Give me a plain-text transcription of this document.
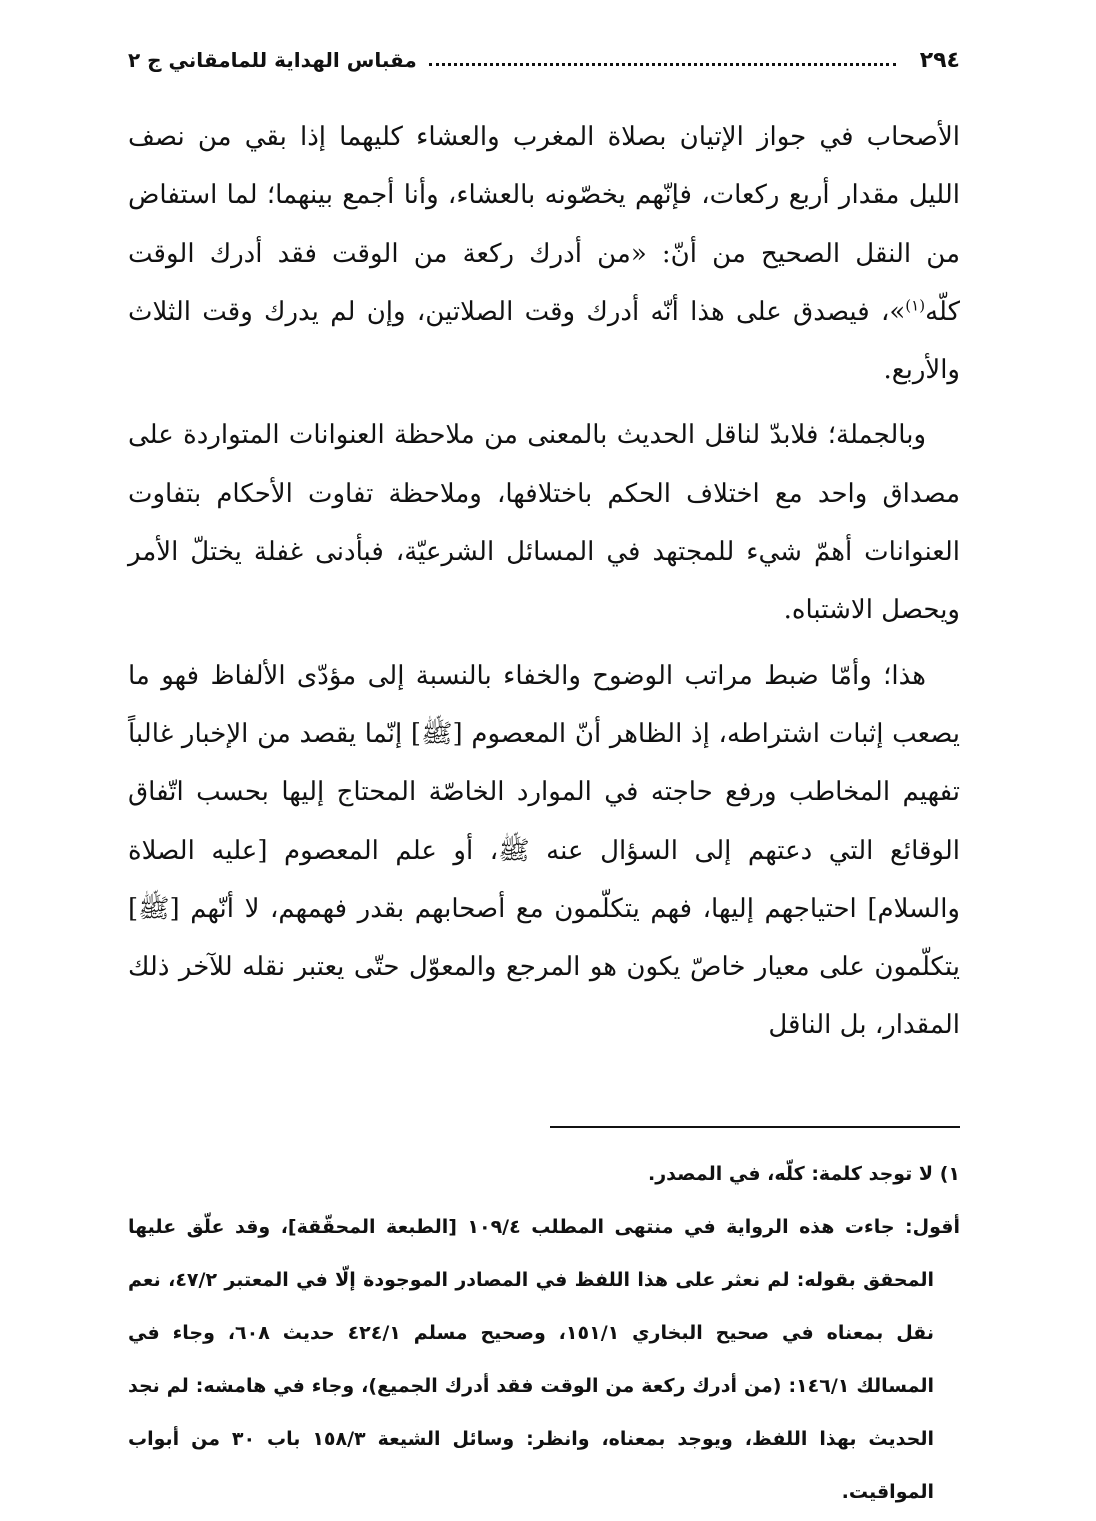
٢٩٤
مقباس الهداية للمامقاني ج ٢

الأصحاب في جواز الإتيان بصلاة المغرب والعشاء كليهما إذا بقي من نصف الليل مقدار أربع ركعات، فإنّهم يخصّونه بالعشاء، وأنا أجمع بينهما؛ لما استفاض من النقل الصحيح من أنّ: «من أدرك ركعة من الوقت فقد أدرك الوقت كلّه$^{(١)}$»، فيصدق على هذا أنّه أدرك وقت الصلاتين، وإن لم يدرك وقت الثلاث والأربع.

وبالجملة؛ فلابدّ لناقل الحديث بالمعنى من ملاحظة العنوانات المتواردة على مصداق واحد مع اختلاف الحكم باختلافها، وملاحظة تفاوت الأحكام بتفاوت العنوانات أهمّ شيء للمجتهد في المسائل الشرعيّة، فبأدنى غفلة يختلّ الأمر ويحصل الاشتباه.

هذا؛ وأمّا ضبط مراتب الوضوح والخفاء بالنسبة إلى مؤدّى الألفاظ فهو ما يصعب إثبات اشتراطه، إذ الظاهر أنّ المعصوم [ﷺ] إنّما يقصد من الإخبار غالباً تفهيم المخاطب ورفع حاجته في الموارد الخاصّة المحتاج إليها بحسب اتّفاق الوقائع التي دعتهم إلى السؤال عنه ﷺ، أو علم المعصوم [عليه الصلاة والسلام] احتياجهم إليها، فهم يتكلّمون مع أصحابهم بقدر فهمهم، لا أنّهم [ﷺ] يتكلّمون على معيار خاصّ يكون هو المرجع والمعوّل حتّى يعتبر نقله للآخر ذلك المقدار، بل الناقل

١) لا توجد كلمة: كلّه، في المصدر.

أقول: جاءت هذه الرواية في منتهى المطلب ١٠٩/٤ [الطبعة المحقّقة]، وقد علّق عليها المحقق بقوله: لم نعثر على هذا اللفظ في المصادر الموجودة إلّا في المعتبر ٤٧/٢، نعم نقل بمعناه في صحيح البخاري ١٥١/١، وصحيح مسلم ٤٢٤/١ حديث ٦٠٨، وجاء في المسالك ١٤٦/١: (من أدرك ركعة من الوقت فقد أدرك الجميع)، وجاء في هامشه: لم نجد الحديث بهذا اللفظ، ويوجد بمعناه، وانظر: وسائل الشيعة ١٥٨/٣ باب ٣٠ من أبواب المواقيت.
